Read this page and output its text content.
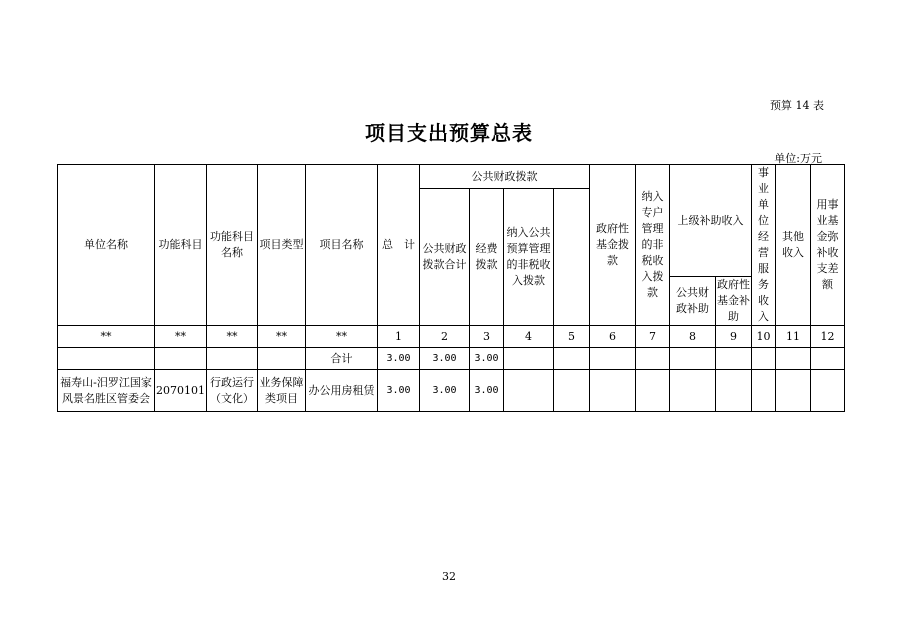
预算 14 表
项目支出预算总表
单位:万元
单位名称	功能科目	功能科目名称	项目类型	项目名称	总　计	公共财政拨款				政府性基金拨款	纳入专户管理的非税收入拨款	上级补助收入		事业单位经营服务收入	其他收入	用事业基金弥补收支差额	
						公共财政拨款合计	经费拨款	纳入公共预算管理的非税收入拨款									
												公共财政补助	政府性基金补助				
**	**	**	**	**	1	2	3	4	5	6	7	8	9	10	11	12	
				合计	3.00	3.00	3.00										
福寿山-汨罗江国家风景名胜区管委会	2070101	行政运行（文化）	业务保障类项目	办公用房租赁	3.00	3.00	3.00										
32
